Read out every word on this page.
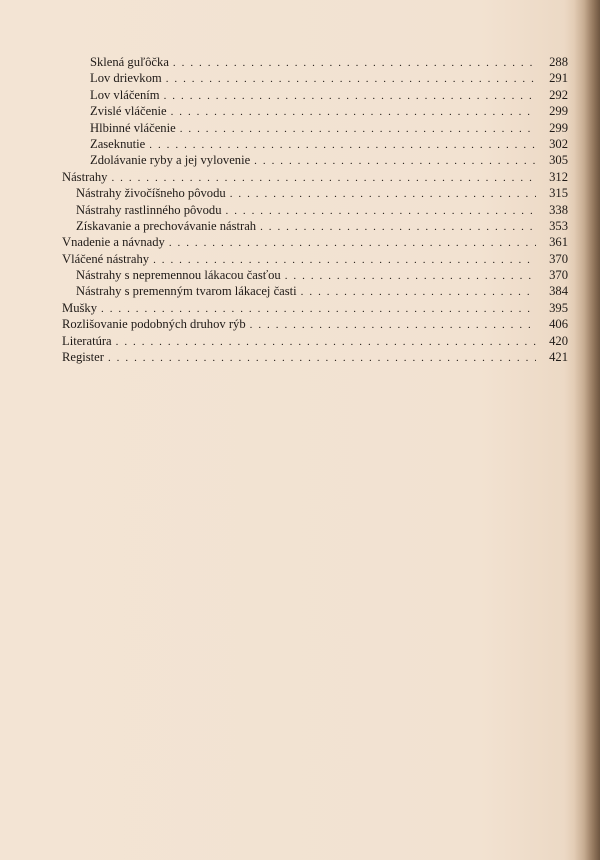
Sklená guľôčka . . .	288
Lov drievkom . . .	291
Lov vláčením . . .	292
Zvislé vláčenie . . .	299
Hlbinné vláčenie . . .	299
Zaseknutie . . .	302
Zdolávanie ryby a jej vylovenie . . .	305
Nástrahy . . .	312
Nástrahy živočíšneho pôvodu . . .	315
Nástrahy rastlinného pôvodu . . .	338
Získavanie a prechovávanie nástrah . . .	353
Vnadenie a návnady . . .	361
Vláčené nástrahy . . .	370
Nástrahy s nepremennou lákacou časťou . . .	370
Nástrahy s premenným tvarom lákacej časti . . .	384
Mušky . . .	395
Rozlišovanie podobných druhov rýb . . .	406
Literatúra . . .	420
Register . . .	421
